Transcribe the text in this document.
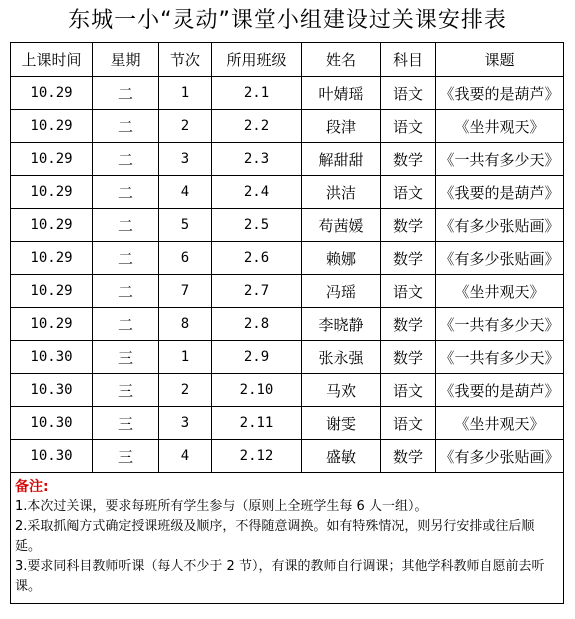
东城一小“灵动”课堂小组建设过关课安排表
上课时间	星期	节次	所用班级	姓名	科目	课题
10.29	二	1	2.1	叶婧瑶	语文	《我要的是葫芦》
10.29	二	2	2.2	段津	语文	《坐井观天》
10.29	二	3	2.3	解甜甜	数学	《一共有多少天》
10.29	二	4	2.4	洪洁	语文	《我要的是葫芦》
10.29	二	5	2.5	苟茜媛	数学	《有多少张贴画》
10.29	二	6	2.6	赖娜	数学	《有多少张贴画》
10.29	二	7	2.7	冯瑶	语文	《坐井观天》
10.29	二	8	2.8	李晓静	数学	《一共有多少天》
10.30	三	1	2.9	张永强	数学	《一共有多少天》
10.30	三	2	2.10	马欢	语文	《我要的是葫芦》
10.30	三	3	2.11	谢雯	语文	《坐井观天》
10.30	三	4	2.12	盛敏	数学	《有多少张贴画》

备注:

1.本次过关课，要求每班所有学生参与（原则上全班学生每 6 人一组）。

2.采取抓阄方式确定授课班级及顺序，不得随意调换。如有特殊情况，则另行安排或往后顺延。

3.要求同科目教师听课（每人不少于 2 节），有课的教师自行调课；其他学科教师自愿前去听课。						
